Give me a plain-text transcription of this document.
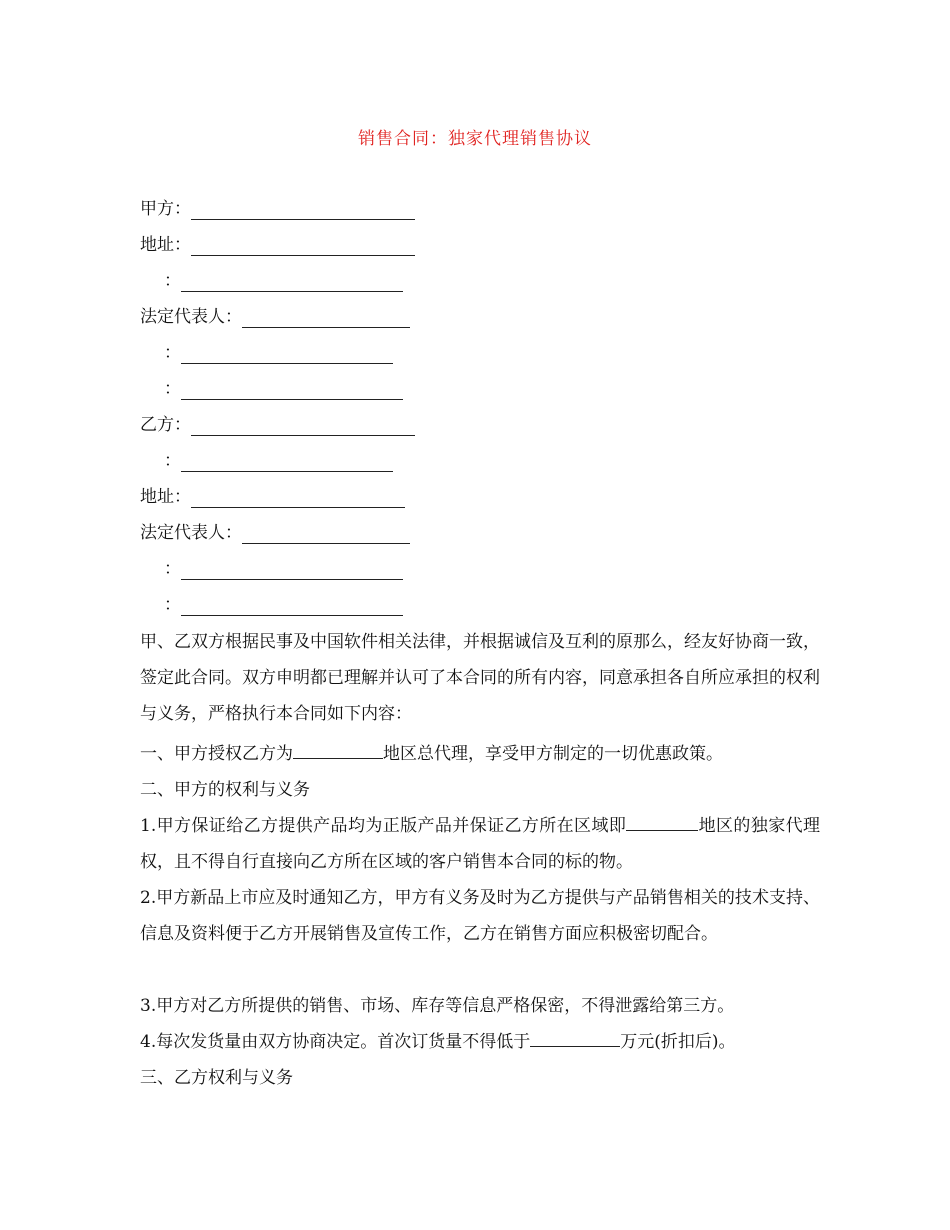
销售合同：独家代理销售协议
甲方：
地址：
：
法定代表人：
：
：
乙方：
：
地址：
法定代表人：
：
：
甲、乙双方根据民事及中国软件相关法律，并根据诚信及互利的原那么，经友好协商一致，签定此合同。双方申明都已理解并认可了本合同的所有内容，同意承担各自所应承担的权利与义务，严格执行本合同如下内容：
一、甲方授权乙方为	地区总代理，享受甲方制定的一切优惠政策。
二、甲方的权利与义务
1.甲方保证给乙方提供产品均为正版产品并保证乙方所在区域即	地区的独家代理权，且不得自行直接向乙方所在区域的客户销售本合同的标的物。
2.甲方新品上市应及时通知乙方，甲方有义务及时为乙方提供与产品销售相关的技术支持、信息及资料便于乙方开展销售及宣传工作，乙方在销售方面应积极密切配合。
3.甲方对乙方所提供的销售、市场、库存等信息严格保密，不得泄露给第三方。
4.每次发货量由双方协商决定。首次订货量不得低于	万元(折扣后)。
三、乙方权利与义务
